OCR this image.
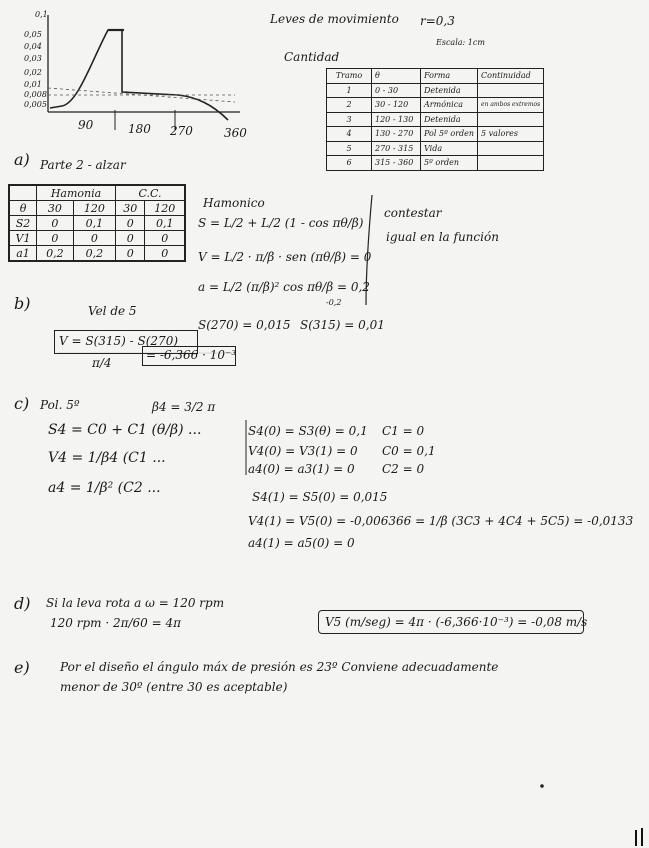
Leves de movimiento r=0,3
Escala: 1cm
0,1
0,05
0,04
0,03
0,02
0,01
0,008
0,005
90	180 270	360
Cantidad
Tramo	θ	Forma	Continuidad
1	0 - 30	Detenida	
2	30 - 120	Armónica	en ambos extremos
3	120 - 130	Detenida	
4	130 - 270	Pol 5º orden	5 valores
5	270 - 315	Vida	
6	315 - 360	5º orden	
a) Parte 2 - alzar
	Hamonia		C.C.	
θ	30	120	30	120
S2	0	0,1	0	0,1
V1	0	0	0	0
a1	0,2	0,2	0	0
Hamonico
S = L/2 + L/2 (1 - cos πθ/β)
V = L/2 · π/β · sen (πθ/β) = 0
a = L/2 (π/β)² cos πθ/β = 0,2
-0,2
contestar
igual en la función
b)	Vel de 5
S(270) = 0,015 S(315) = 0,01
V = S(315) - S(270)
π/4
= -6,366 · 10⁻³
c) Pol. 5º	β4 = 3/2 π
S4 = C0 + C1 (θ/β) ...
V4 = 1/β4 (C1 ...
a4 = 1/β² (C2 ...
S4(0) = S3(θ) = 0,1
V4(0) = V3(1) = 0
a4(0) = a3(1) = 0
C1 = 0
C0 = 0,1
C2 = 0
S4(1) = S5(0) = 0,015
V4(1) = V5(0) = -0,006366 = 1/β (3C3 + 4C4 + 5C5) = -0,0133
a4(1) = a5(0) = 0
d) Si la leva rota a ω = 120 rpm
120 rpm · 2π/60 = 4π	V5 (m/seg) = 4π · (-6,366·10⁻³) = -0,08 m/s
e)	Por el diseño el ángulo máx de presión es 23º Conviene adecuadamente
menor de 30º (entre 30 es aceptable)
